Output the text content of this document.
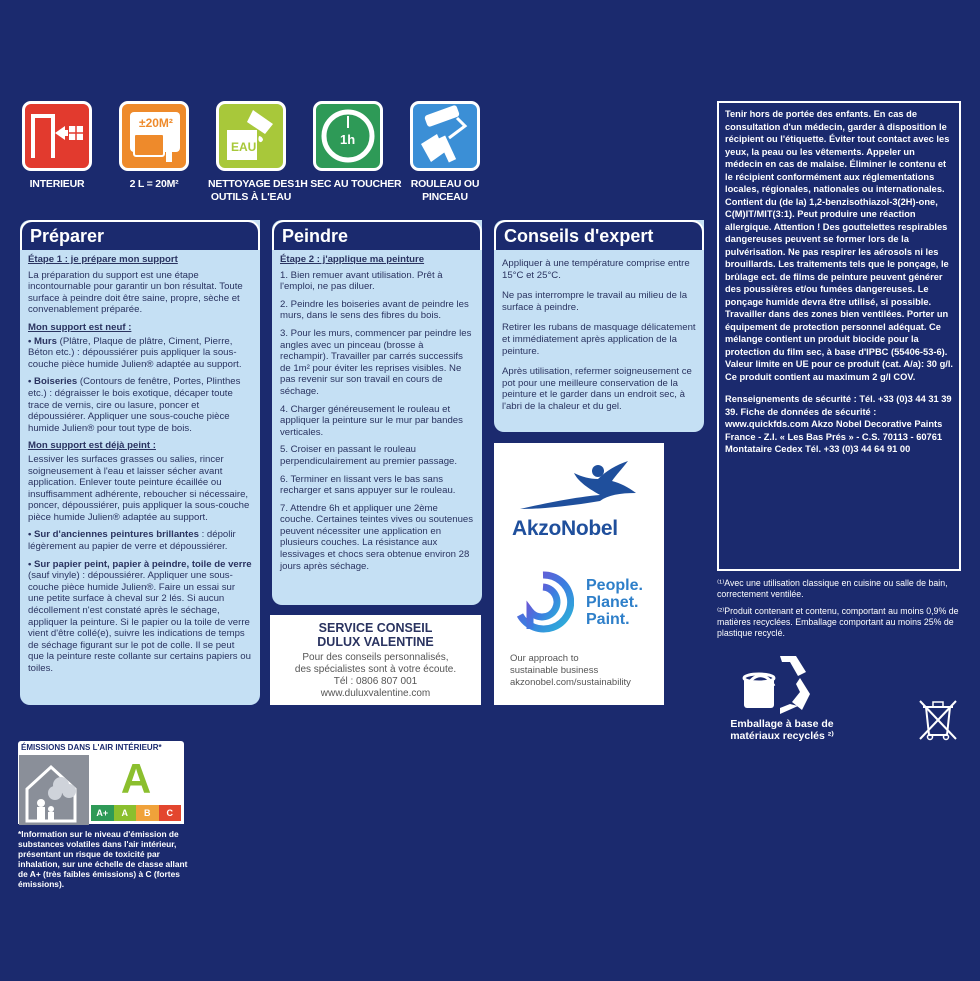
INTERIEUR
±20M²
2 L = 20M²
EAU
NETTOYAGE DES OUTILS À L'EAU
1h
1H SEC AU TOUCHER ROULEAU OU PINCEAU
Préparer

Étape 1 : je prépare mon support

La préparation du support est une étape incontournable pour garantir un bon résultat. Toute surface à peindre doit être saine, propre, sèche et convenablement préparée.

Mon support est neuf :

• Murs (Plâtre, Plaque de plâtre, Ciment, Pierre, Béton etc.) : dépoussiérer puis appliquer la sous-couche pièce humide Julien® adaptée au support.

• Boiseries (Contours de fenêtre, Portes, Plinthes etc.) : dégraisser le bois exotique, décaper toute trace de vernis, cire ou lasure, poncer et dépoussiérer. Appliquer une sous-couche pièce humide Julien® pour tout type de bois.

Mon support est déjà peint :

Lessiver les surfaces grasses ou salies, rincer soigneusement à l'eau et laisser sécher avant application. Enlever toute peinture écaillée ou insuffisamment adhérente, reboucher si nécessaire, poncer, dépoussiérer, puis appliquer la sous-couche pièce humide Julien® adaptée au support.

• Sur d'anciennes peintures brillantes : dépolir légèrement au papier de verre et dépoussiérer.

• Sur papier peint, papier à peindre, toile de verre (sauf vinyle) : dépoussiérer. Appliquer une sous-couche pièce humide Julien®. Faire un essai sur une petite surface à cheval sur 2 lés. Si aucun décollement n'est constaté après le séchage, appliquer la peinture. Si le papier ou la toile de verre vient d'être collé(e), suivre les indications de temps de séchage figurant sur le pot de colle. Il se peut que la peinture reste collante sur certains papiers ou toiles.

Peindre

Étape 2 : j'applique ma peinture

1. Bien remuer avant utilisation. Prêt à l'emploi, ne pas diluer.

2. Peindre les boiseries avant de peindre les murs, dans le sens des fibres du bois.

3. Pour les murs, commencer par peindre les angles avec un pinceau (brosse à rechampir). Travailler par carrés successifs de 1m² pour éviter les reprises visibles. Ne pas revenir sur son travail en cours de séchage.

4. Charger généreusement le rouleau et appliquer la peinture sur le mur par bandes verticales.

5. Croiser en passant le rouleau perpendiculairement au premier passage.

6. Terminer en lissant vers le bas sans recharger et sans appuyer sur le rouleau.

7. Attendre 6h et appliquer une 2ème couche. Certaines teintes vives ou soutenues peuvent nécessiter une application en plusieurs couches. La résistance aux lessivages et chocs sera obtenue environ 28 jours après séchage.

Conseils d'expert

Appliquer à une température comprise entre 15°C et 25°C.

Ne pas interrompre le travail au milieu de la surface à peindre.

Retirer les rubans de masquage délicatement et immédiatement après application de la peinture.

Après utilisation, refermer soigneusement ce pot pour une meilleure conservation de la peinture et le garder dans un endroit sec, à l'abri de la chaleur et du gel.

SERVICE CONSEIL
DULUX VALENTINE
Pour des conseils personnalisés,
des spécialistes sont à votre écoute.
Tél : 0806 807 001
www.duluxvalentine.com
AkzoNobel
People.
Planet.
Paint.
Our approach to
sustainable business
akzonobel.com/sustainability

Tenir hors de portée des enfants. En cas de consultation d'un médecin, garder à disposition le récipient ou l'étiquette. Éviter tout contact avec les yeux, la peau ou les vêtements. Appeler un médecin en cas de malaise. Éliminer le contenu et le récipient conformément aux réglementations locales, régionales, nationales ou internationales. Contient du (de la) 1,2-benzisothiazol-3(2H)-one, C(M)IT/MIT(3:1). Peut produire une réaction allergique. Attention ! Des gouttelettes respirables dangereuses peuvent se former lors de la pulvérisation. Ne pas respirer les aérosols ni les brouillards. Les traitements tels que le ponçage, le brûlage ect. de films de peinture peuvent générer des poussières et/ou fumées dangereuses. Le ponçage humide devra être utilisé, si possible. Travailler dans des zones bien ventilées. Porter un équipement de protection personnel adéquat. Ce mélange contient un produit biocide pour la protection du film sec, à base d'IPBC (55406-53-6). Valeur limite en UE pour ce produit (cat. A/a): 30 g/l. Ce produit contient au maximum 2 g/l COV.

Renseignements de sécurité : Tél. +33 (0)3 44 31 39 39. Fiche de données de sécurité : www.quickfds.com Akzo Nobel Decorative Paints France - Z.I. « Les Bas Prés » - C.S. 70113 - 60761 Montataire Cedex Tél. +33 (0)3 44 64 91 00

⁽¹⁾Avec une utilisation classique en cuisine ou salle de bain, correctement ventilée.

⁽²⁾Produit contenant et contenu, comportant au moins 0,9% de matières recyclées. Emballage comportant au moins 25% de plastique recyclé.

Emballage à base de
matériaux recyclés ²⁾
ÉMISSIONS DANS L'AIR INTÉRIEUR*
A
A+	A	B	C
*Information sur le niveau d'émission de substances volatiles dans l'air intérieur, présentant un risque de toxicité par inhalation, sur une échelle de classe allant de A+ (très faibles émissions) à C (fortes émissions).
